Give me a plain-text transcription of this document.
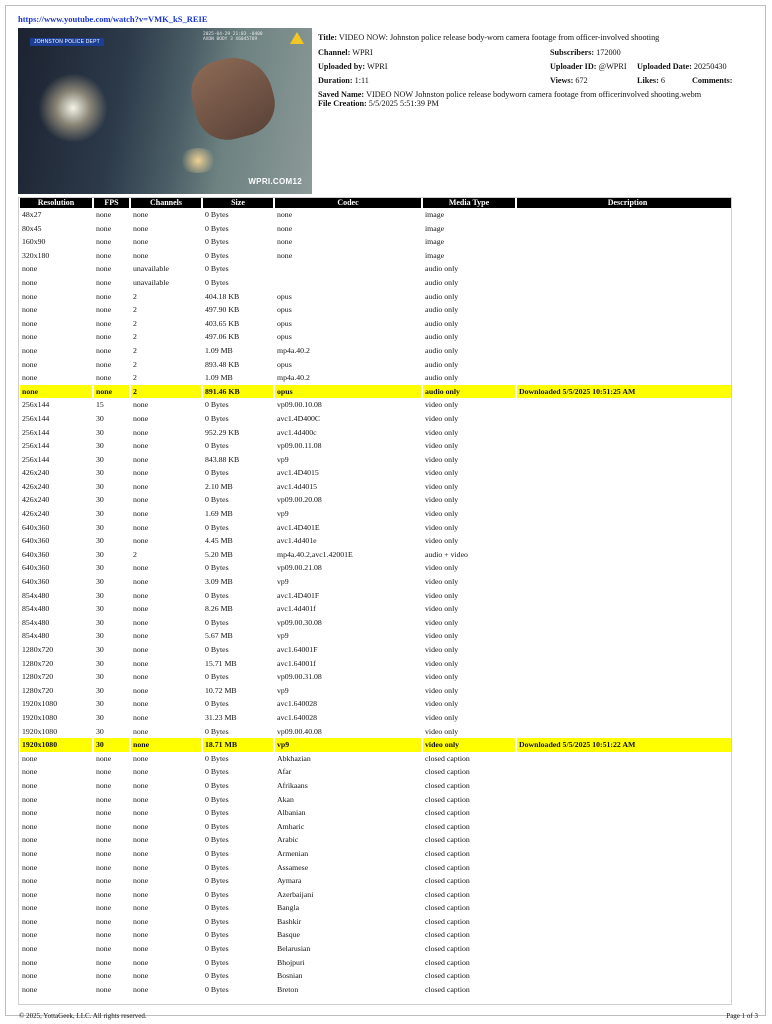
https://www.youtube.com/watch?v=VMK_kS_REIE
JOHNSTON POLICE DEPT
2025-04-29 21:03 -0400
AXON BODY 3 X6045789
WPRI.COM12
Title: VIDEO NOW: Johnston police release body-worn camera footage from officer-involved shooting
Channel: WPRI	Subscribers: 172000
Uploaded by: WPRI	Uploader ID: @WPRI Uploaded Date: 20250430
Duration: 1:11	Views: 672	Likes: 6	Comments:
Saved Name: VIDEO NOW Johnston police release bodyworn camera footage from officerinvolved shooting.webm
File Creation: 5/5/2025 5:51:39 PM
Resolution	FPS	Channels	Size	Codec	Media Type	Description
48x27	none	none	0 Bytes	none	image	
80x45	none	none	0 Bytes	none	image	
160x90	none	none	0 Bytes	none	image	
320x180	none	none	0 Bytes	none	image	
none	none	unavailable	0 Bytes		audio only	
none	none	unavailable	0 Bytes		audio only	
none	none	2	404.18 KB	opus	audio only	
none	none	2	497.90 KB	opus	audio only	
none	none	2	403.65 KB	opus	audio only	
none	none	2	497.06 KB	opus	audio only	
none	none	2	1.09 MB	mp4a.40.2	audio only	
none	none	2	893.48 KB	opus	audio only	
none	none	2	1.09 MB	mp4a.40.2	audio only	
none	none	2	891.46 KB	opus	audio only	Downloaded 5/5/2025 10:51:25 AM
256x144	15	none	0 Bytes	vp09.00.10.08	video only	
256x144	30	none	0 Bytes	avc1.4D400C	video only	
256x144	30	none	952.29 KB	avc1.4d400c	video only	
256x144	30	none	0 Bytes	vp09.00.11.08	video only	
256x144	30	none	843.88 KB	vp9	video only	
426x240	30	none	0 Bytes	avc1.4D4015	video only	
426x240	30	none	2.10 MB	avc1.4d4015	video only	
426x240	30	none	0 Bytes	vp09.00.20.08	video only	
426x240	30	none	1.69 MB	vp9	video only	
640x360	30	none	0 Bytes	avc1.4D401E	video only	
640x360	30	none	4.45 MB	avc1.4d401e	video only	
640x360	30	2	5.20 MB	mp4a.40.2,avc1.42001E	audio + video	
640x360	30	none	0 Bytes	vp09.00.21.08	video only	
640x360	30	none	3.09 MB	vp9	video only	
854x480	30	none	0 Bytes	avc1.4D401F	video only	
854x480	30	none	8.26 MB	avc1.4d401f	video only	
854x480	30	none	0 Bytes	vp09.00.30.08	video only	
854x480	30	none	5.67 MB	vp9	video only	
1280x720	30	none	0 Bytes	avc1.64001F	video only	
1280x720	30	none	15.71 MB	avc1.64001f	video only	
1280x720	30	none	0 Bytes	vp09.00.31.08	video only	
1280x720	30	none	10.72 MB	vp9	video only	
1920x1080	30	none	0 Bytes	avc1.640028	video only	
1920x1080	30	none	31.23 MB	avc1.640028	video only	
1920x1080	30	none	0 Bytes	vp09.00.40.08	video only	
1920x1080	30	none	18.71 MB	vp9	video only	Downloaded 5/5/2025 10:51:22 AM
none	none	none	0 Bytes	Abkhazian	closed caption	
none	none	none	0 Bytes	Afar	closed caption	
none	none	none	0 Bytes	Afrikaans	closed caption	
none	none	none	0 Bytes	Akan	closed caption	
none	none	none	0 Bytes	Albanian	closed caption	
none	none	none	0 Bytes	Amharic	closed caption	
none	none	none	0 Bytes	Arabic	closed caption	
none	none	none	0 Bytes	Armenian	closed caption	
none	none	none	0 Bytes	Assamese	closed caption	
none	none	none	0 Bytes	Aymara	closed caption	
none	none	none	0 Bytes	Azerbaijani	closed caption	
none	none	none	0 Bytes	Bangla	closed caption	
none	none	none	0 Bytes	Bashkir	closed caption	
none	none	none	0 Bytes	Basque	closed caption	
none	none	none	0 Bytes	Belarusian	closed caption	
none	none	none	0 Bytes	Bhojpuri	closed caption	
none	none	none	0 Bytes	Bosnian	closed caption	
none	none	none	0 Bytes	Breton	closed caption	
© 2025, YottaGeek, LLC. All rights reserved.	Page 1 of 3
